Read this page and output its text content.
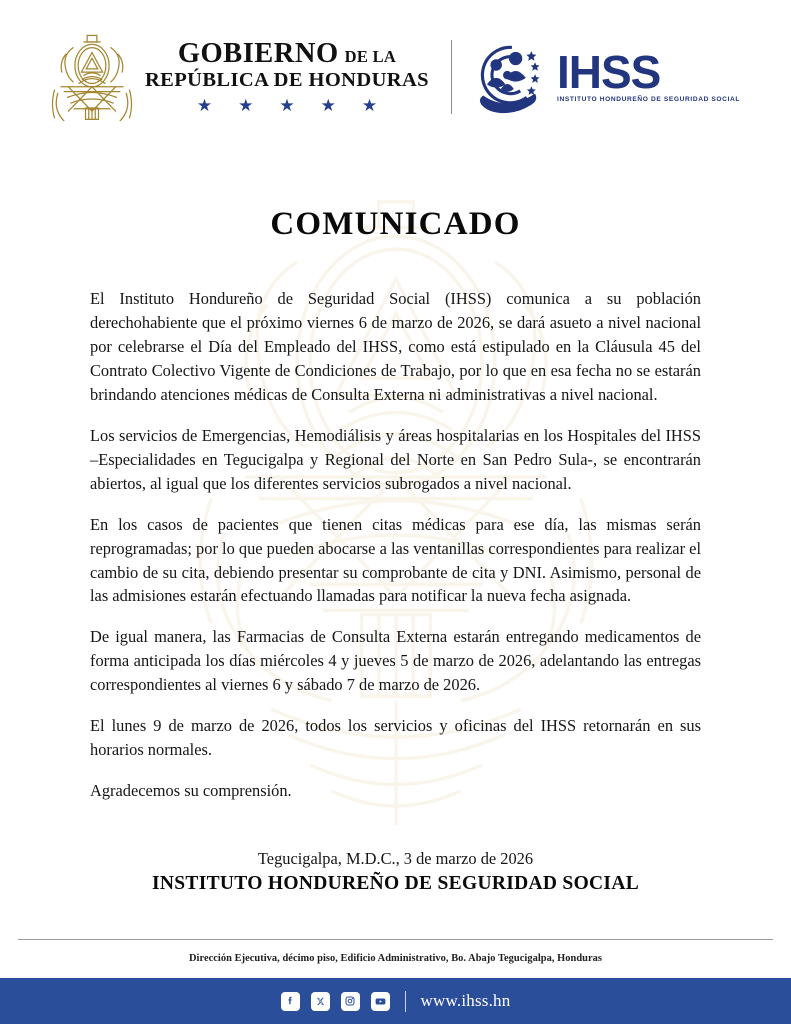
GOBIERNO DE LA
REPÚBLICA DE HONDURAS
★ ★ ★ ★ ★
IHSS
INSTITUTO HONDUREÑO DE SEGURIDAD SOCIAL
COMUNICADO

El Instituto Hondureño de Seguridad Social (IHSS) comunica a su población derechohabiente que el próximo viernes 6 de marzo de 2026, se dará asueto a nivel nacional por celebrarse el Día del Empleado del IHSS, como está estipulado en la Cláusula 45 del Contrato Colectivo Vigente de Condiciones de Trabajo, por lo que en esa fecha no se estarán brindando atenciones médicas de Consulta Externa ni administrativas a nivel nacional.

Los servicios de Emergencias, Hemodiálisis y áreas hospitalarias en los Hospitales del IHSS –Especialidades en Tegucigalpa y Regional del Norte en San Pedro Sula-, se encontrarán abiertos, al igual que los diferentes servicios subrogados a nivel nacional.

En los casos de pacientes que tienen citas médicas para ese día, las mismas serán reprogramadas; por lo que pueden abocarse a las ventanillas correspondientes para realizar el cambio de su cita, debiendo presentar su comprobante de cita y DNI. Asimismo, personal de las admisiones estarán efectuando llamadas para notificar la nueva fecha asignada.

De igual manera, las Farmacias de Consulta Externa estarán entregando medicamentos de forma anticipada los días miércoles 4 y jueves 5 de marzo de 2026, adelantando las entregas correspondientes al viernes 6 y sábado 7 de marzo de 2026.

El lunes 9 de marzo de 2026, todos los servicios y oficinas del IHSS retornarán en sus horarios normales.

Agradecemos su comprensión.

Tegucigalpa, M.D.C., 3 de marzo de 2026
INSTITUTO HONDUREÑO DE SEGURIDAD SOCIAL
Dirección Ejecutiva, décimo piso, Edificio Administrativo, Bo. Abajo Tegucigalpa, Honduras
www.ihss.hn
